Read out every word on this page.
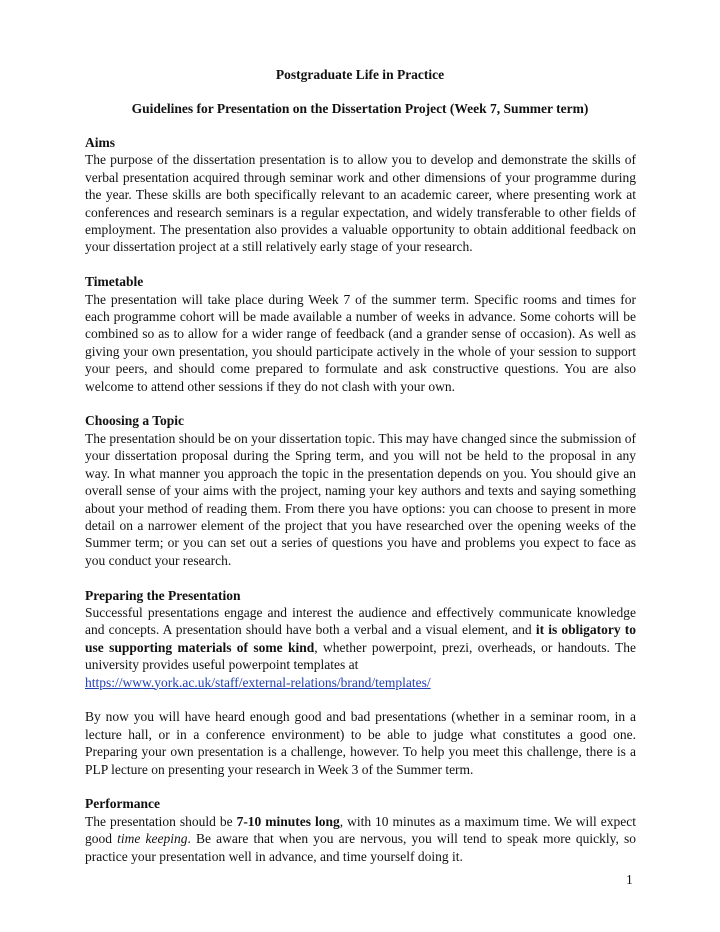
Postgraduate Life in Practice
Guidelines for Presentation on the Dissertation Project (Week 7, Summer term)

Aims

The purpose of the dissertation presentation is to allow you to develop and demonstrate the skills of verbal presentation acquired through seminar work and other dimensions of your programme during the year. These skills are both specifically relevant to an academic career, where presenting work at conferences and research seminars is a regular expectation, and widely transferable to other fields of employment. The presentation also provides a valuable opportunity to obtain additional feedback on your dissertation project at a still relatively early stage of your research.

Timetable

The presentation will take place during Week 7 of the summer term. Specific rooms and times for each programme cohort will be made available a number of weeks in advance. Some cohorts will be combined so as to allow for a wider range of feedback (and a grander sense of occasion). As well as giving your own presentation, you should participate actively in the whole of your session to support your peers, and should come prepared to formulate and ask constructive questions. You are also welcome to attend other sessions if they do not clash with your own.

Choosing a Topic

The presentation should be on your dissertation topic. This may have changed since the submission of your dissertation proposal during the Spring term, and you will not be held to the proposal in any way. In what manner you approach the topic in the presentation depends on you. You should give an overall sense of your aims with the project, naming your key authors and texts and saying something about your method of reading them. From there you have options: you can choose to present in more detail on a narrower element of the project that you have researched over the opening weeks of the Summer term; or you can set out a series of questions you have and problems you expect to face as you conduct your research.

Preparing the Presentation

Successful presentations engage and interest the audience and effectively communicate knowledge and concepts. A presentation should have both a verbal and a visual element, and it is obligatory to use supporting materials of some kind, whether powerpoint, prezi, overheads, or handouts. The university provides useful powerpoint templates at

https://www.york.ac.uk/staff/external-relations/brand/templates/

By now you will have heard enough good and bad presentations (whether in a seminar room, in a lecture hall, or in a conference environment) to be able to judge what constitutes a good one. Preparing your own presentation is a challenge, however. To help you meet this challenge, there is a PLP lecture on presenting your research in Week 3 of the Summer term.

Performance

The presentation should be 7-10 minutes long, with 10 minutes as a maximum time. We will expect good time keeping. Be aware that when you are nervous, you will tend to speak more quickly, so practice your presentation well in advance, and time yourself doing it.

1
